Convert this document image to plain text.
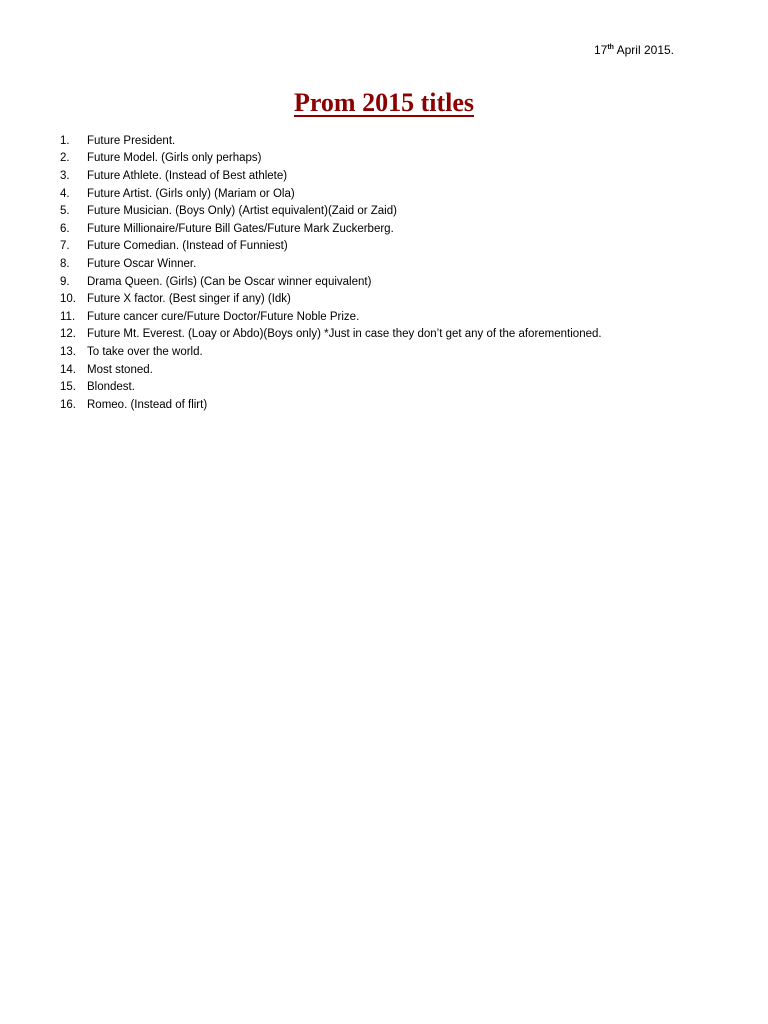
17th April 2015.
Prom 2015 titles
1.	Future President.
2.	Future Model. (Girls only perhaps)
3.	Future Athlete. (Instead of Best athlete)
4.	Future Artist. (Girls only) (Mariam or Ola)
5.	Future Musician. (Boys Only) (Artist equivalent)(Zaid or Zaid)
6.	Future Millionaire/Future Bill Gates/Future Mark Zuckerberg.
7.	Future Comedian. (Instead of Funniest)
8.	Future Oscar Winner.
9.	Drama Queen. (Girls) (Can be Oscar winner equivalent)
10. Future X factor. (Best singer if any) (Idk)
11.	Future cancer cure/Future Doctor/Future Noble Prize.
12. Future Mt. Everest. (Loay or Abdo)(Boys only) *Just in case they don’t get any of the aforementioned.
13. To take over the world.
14. Most stoned.
15. Blondest.
16. Romeo. (Instead of flirt)
